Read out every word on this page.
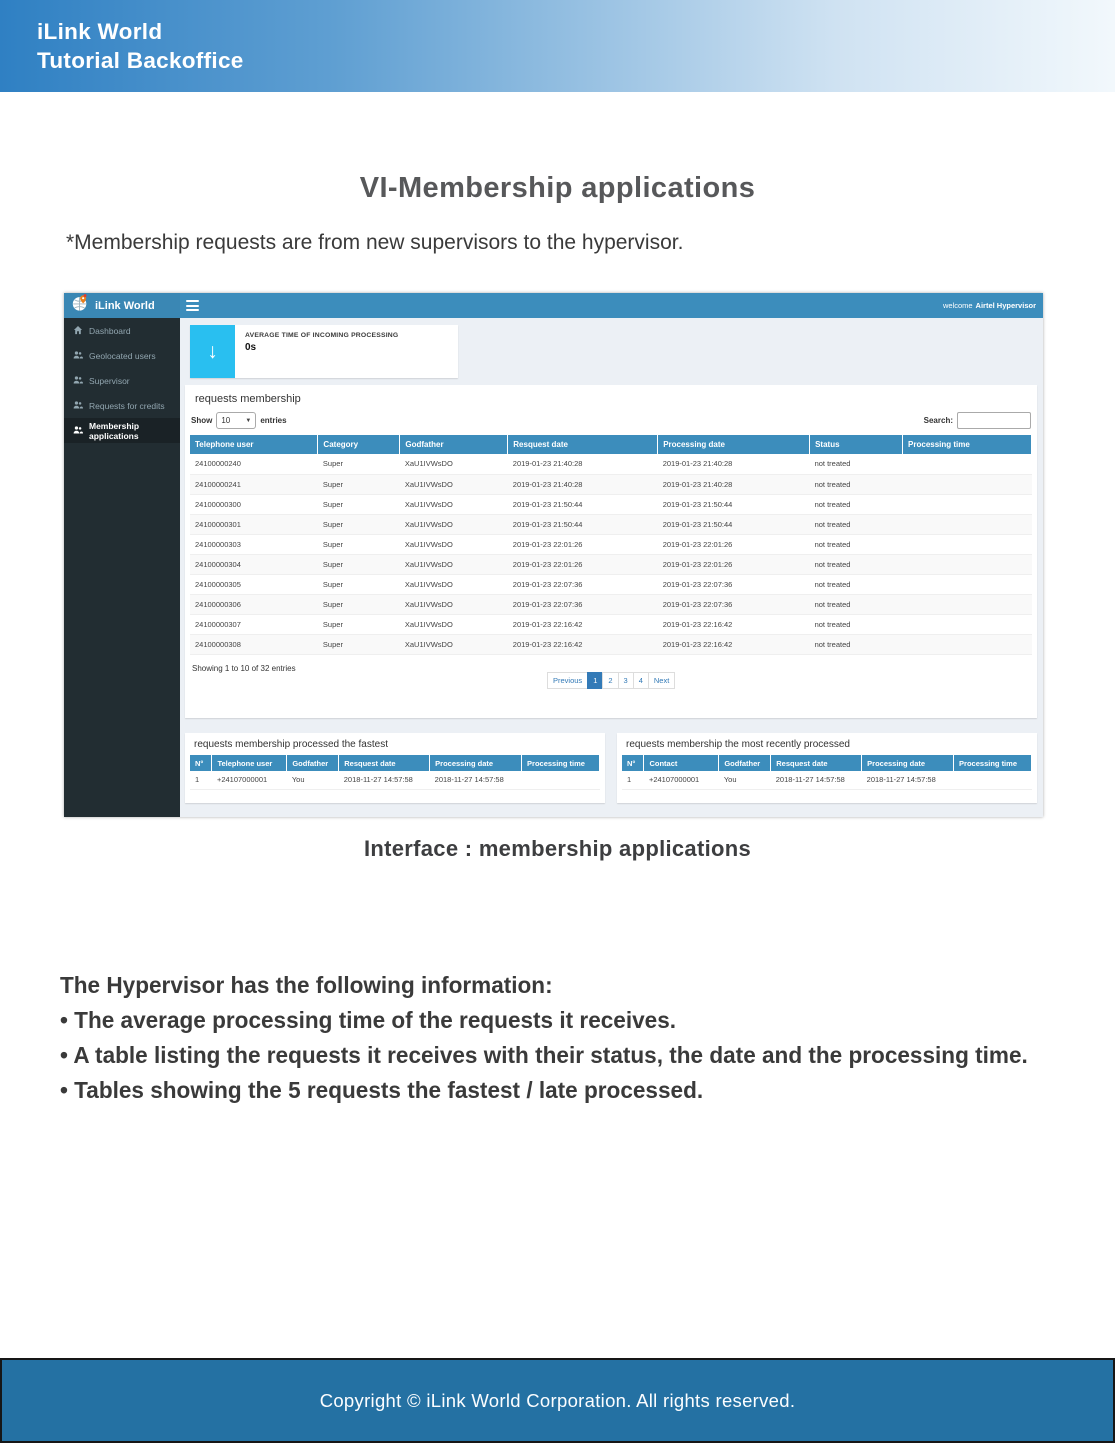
iLink World
Tutorial Backoffice
VI-Membership applications
*Membership requests are from new supervisors to the hypervisor.
iLink World	welcome Airtel Hypervisor
Dashboard
Geolocated users
Supervisor
Requests for credits
Membership applications
↓
AVERAGE TIME OF INCOMING PROCESSING
0s
requests membership
Show 10	▼ entries	Search:
Telephone user	Category	Godfather	Resquest date	Processing date	Status	Processing time
24100000240	Super	XaU1IVWsDO	2019-01-23 21:40:28	2019-01-23 21:40:28	not treated	
24100000241	Super	XaU1IVWsDO	2019-01-23 21:40:28	2019-01-23 21:40:28	not treated	
24100000300	Super	XaU1IVWsDO	2019-01-23 21:50:44	2019-01-23 21:50:44	not treated	
24100000301	Super	XaU1IVWsDO	2019-01-23 21:50:44	2019-01-23 21:50:44	not treated	
24100000303	Super	XaU1IVWsDO	2019-01-23 22:01:26	2019-01-23 22:01:26	not treated	
24100000304	Super	XaU1IVWsDO	2019-01-23 22:01:26	2019-01-23 22:01:26	not treated	
24100000305	Super	XaU1IVWsDO	2019-01-23 22:07:36	2019-01-23 22:07:36	not treated	
24100000306	Super	XaU1IVWsDO	2019-01-23 22:07:36	2019-01-23 22:07:36	not treated	
24100000307	Super	XaU1IVWsDO	2019-01-23 22:16:42	2019-01-23 22:16:42	not treated	
24100000308	Super	XaU1IVWsDO	2019-01-23 22:16:42	2019-01-23 22:16:42	not treated	
Showing 1 to 10 of 32 entries
Previous	1	2	3	4	Next
requests membership processed the fastest
N°	Telephone user	Godfather	Resquest date	Processing date	Processing time
1	+24107000001	You	2018-11-27 14:57:58	2018-11-27 14:57:58	
requests membership the most recently processed
N°	Contact	Godfather	Resquest date	Processing date	Processing time
1	+24107000001	You	2018-11-27 14:57:58	2018-11-27 14:57:58	
Interface : membership applications
The Hypervisor has the following information:
• The average processing time of the requests it receives.
• A table listing the requests it receives with their status, the date and the processing time.
• Tables showing the 5 requests the fastest / late processed.
Copyright © iLink World Corporation. All rights reserved.
